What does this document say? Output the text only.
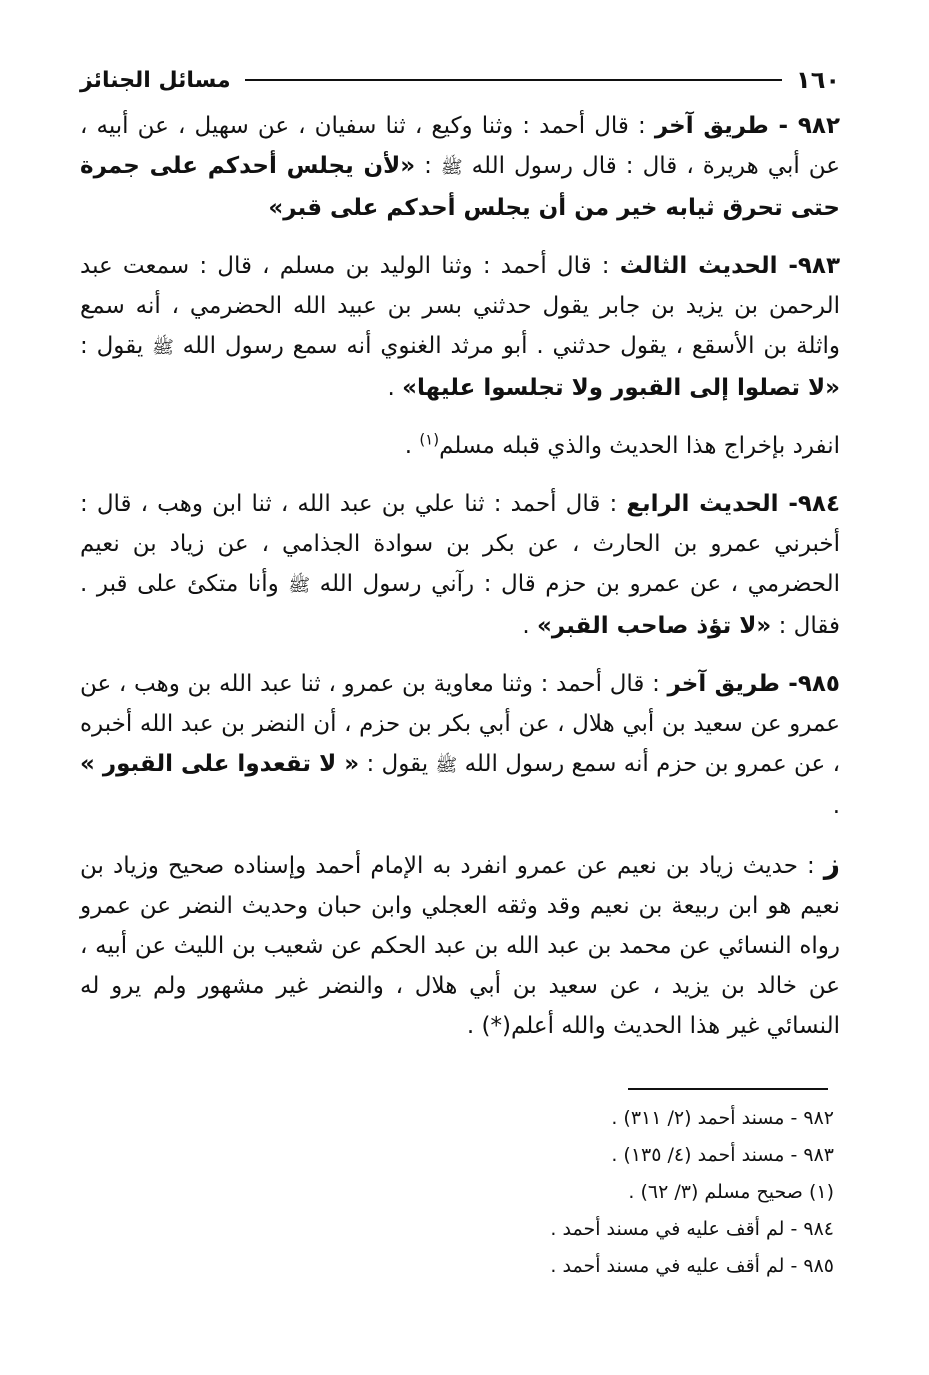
١٦٠
مسائل الجنائز

٩٨٢ - طريق آخر : قال أحمد : وثنا وكيع ، ثنا سفيان ، عن سهيل ، عن أبيه ، عن أبي هريرة ، قال : قال رسول الله ﷺ : «لأن يجلس أحدكم على جمرة حتى تحرق ثيابه خير من أن يجلس أحدكم على قبر»

٩٨٣- الحديث الثالث : قال أحمد : وثنا الوليد بن مسلم ، قال : سمعت عبد الرحمن بن يزيد بن جابر يقول حدثني بسر بن عبيد الله الحضرمي ، أنه سمع واثلة بن الأسقع ، يقول حدثني . أبو مرثد الغنوي أنه سمع رسول الله ﷺ يقول : «لا تصلوا إلى القبور ولا تجلسوا عليها» .

انفرد بإخراج هذا الحديث والذي قبله مسلم$^{(١)}$ .

٩٨٤- الحديث الرابع : قال أحمد : ثنا علي بن عبد الله ، ثنا ابن وهب ، قال : أخبرني عمرو بن الحارث ، عن بكر بن سوادة الجذامي ، عن زياد بن نعيم الحضرمي ، عن عمرو بن حزم قال : رآني رسول الله ﷺ وأنا متكئ على قبر . فقال : «لا تؤذ صاحب القبر» .

٩٨٥- طريق آخر : قال أحمد : وثنا معاوية بن عمرو ، ثنا عبد الله بن وهب ، عن عمرو عن سعيد بن أبي هلال ، عن أبي بكر بن حزم ، أن النضر بن عبد الله أخبره ، عن عمرو بن حزم أنه سمع رسول الله ﷺ يقول : « لا تقعدوا على القبور » .

ز : حديث زياد بن نعيم عن عمرو انفرد به الإمام أحمد وإسناده صحيح وزياد بن نعيم هو ابن ربيعة بن نعيم وقد وثقه العجلي وابن حبان وحديث النضر عن عمرو رواه النسائي عن محمد بن عبد الله بن عبد الحكم عن شعيب بن الليث عن أبيه ، عن خالد بن يزيد ، عن سعيد بن أبي هلال ، والنضر غير مشهور ولم يرو له النسائي غير هذا الحديث والله أعلم(*) .

٩٨٢ - مسند أحمد (٢/ ٣١١) .
٩٨٣ - مسند أحمد (٤/ ١٣٥) .
(١) صحيح مسلم (٣/ ٦٢) .
٩٨٤ - لم أقف عليه في مسند أحمد .
٩٨٥ - لم أقف عليه في مسند أحمد .
